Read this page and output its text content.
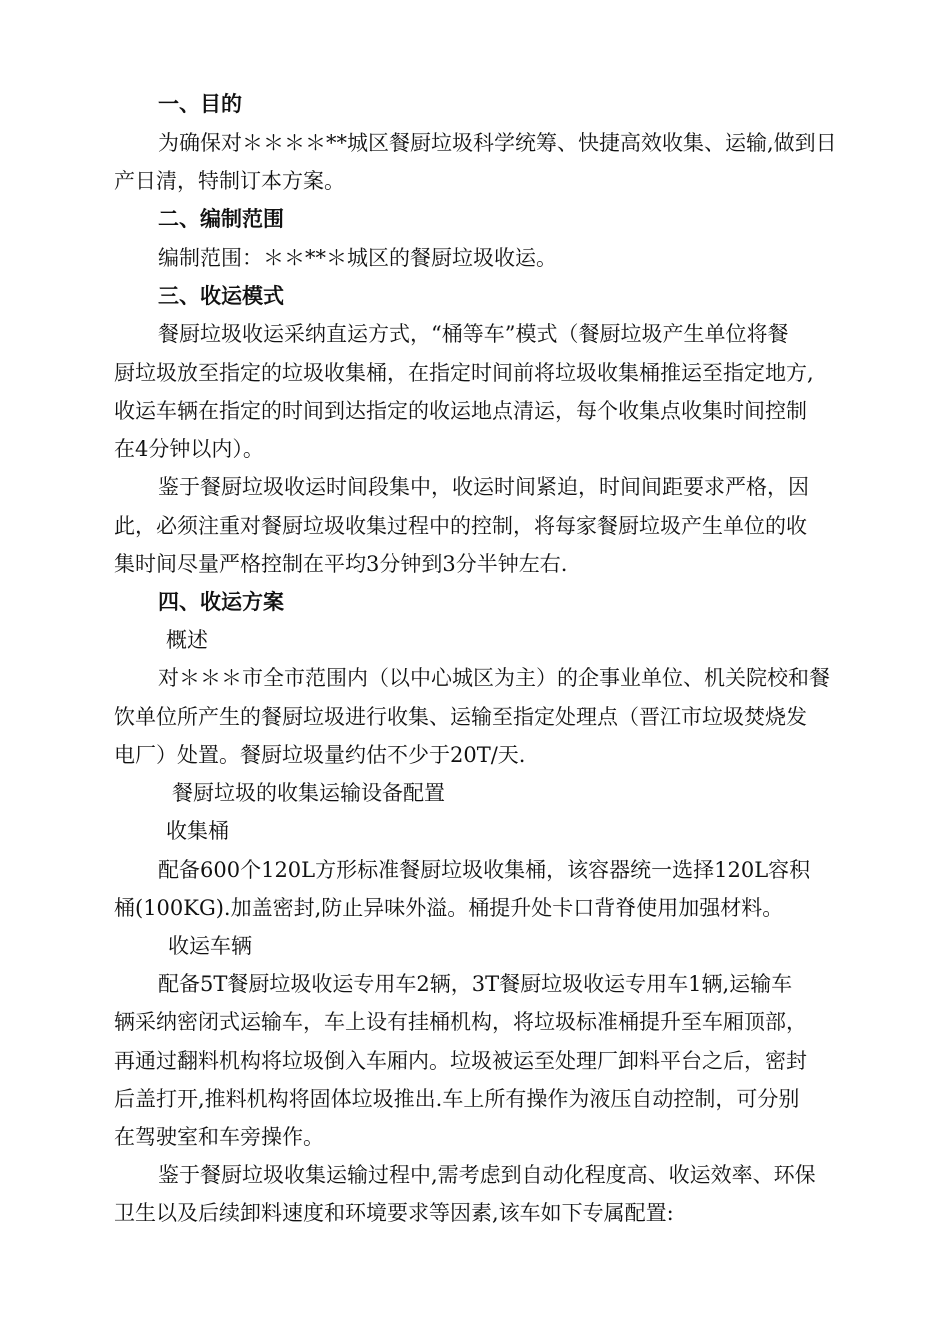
一、目的
为确保对＊＊＊＊**城区餐厨垃圾科学统筹、快捷高效收集、运输,做到日
产日清，特制订本方案。
二、编制范围
编制范围：＊＊**＊城区的餐厨垃圾收运。
三、收运模式
餐厨垃圾收运采纳直运方式，“桶等车”模式（餐厨垃圾产生单位将餐
厨垃圾放至指定的垃圾收集桶，在指定时间前将垃圾收集桶推运至指定地方,
收运车辆在指定的时间到达指定的收运地点清运，每个收集点收集时间控制
在4分钟以内）。
鉴于餐厨垃圾收运时间段集中，收运时间紧迫，时间间距要求严格，因
此，必须注重对餐厨垃圾收集过程中的控制，将每家餐厨垃圾产生单位的收
集时间尽量严格控制在平均3分钟到3分半钟左右.
四、收运方案
概述
对＊＊＊市全市范围内（以中心城区为主）的企事业单位、机关院校和餐
饮单位所产生的餐厨垃圾进行收集、运输至指定处理点（晋江市垃圾焚烧发
电厂）处置。餐厨垃圾量约估不少于20T/天.
餐厨垃圾的收集运输设备配置
收集桶
配备600个120L方形标准餐厨垃圾收集桶，该容器统一选择120L容积
桶(100KG).加盖密封,防止异味外溢。桶提升处卡口背脊使用加强材料。
收运车辆
配备5T餐厨垃圾收运专用车2辆，3T餐厨垃圾收运专用车1辆,运输车
辆采纳密闭式运输车，车上设有挂桶机构，将垃圾标准桶提升至车厢顶部，
再通过翻料机构将垃圾倒入车厢内。垃圾被运至处理厂卸料平台之后，密封
后盖打开,推料机构将固体垃圾推出.车上所有操作为液压自动控制，可分别
在驾驶室和车旁操作。
鉴于餐厨垃圾收集运输过程中,需考虑到自动化程度高、收运效率、环保
卫生以及后续卸料速度和环境要求等因素,该车如下专属配置:
